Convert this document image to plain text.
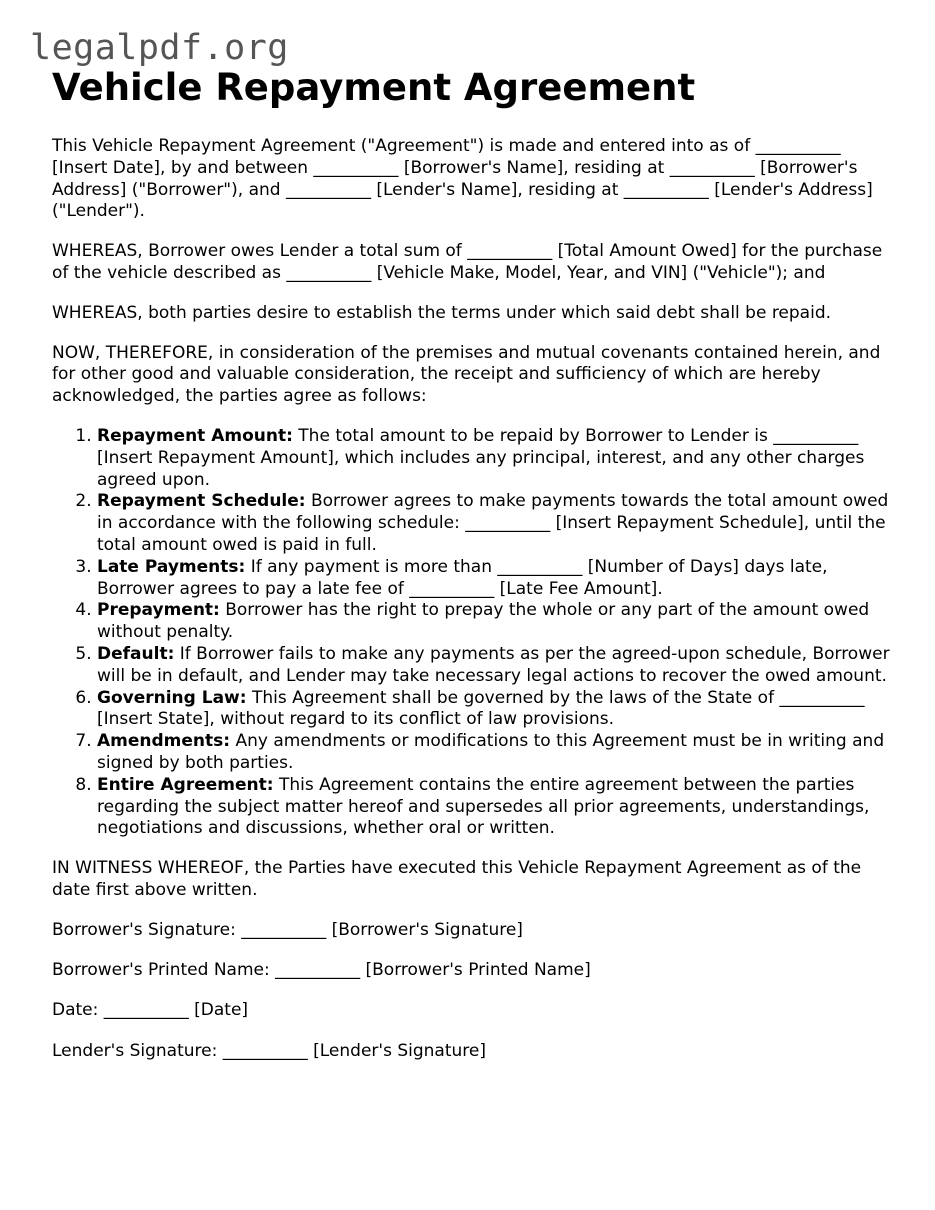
legalpdf.org
Vehicle Repayment Agreement

This Vehicle Repayment Agreement ("Agreement") is made and entered into as of __________ [Insert Date], by and between __________ [Borrower's Name], residing at __________ [Borrower's Address] ("Borrower"), and __________ [Lender's Name], residing at __________ [Lender's Address] ("Lender").

WHEREAS, Borrower owes Lender a total sum of __________ [Total Amount Owed] for the purchase of the vehicle described as __________ [Vehicle Make, Model, Year, and VIN] ("Vehicle"); and

WHEREAS, both parties desire to establish the terms under which said debt shall be repaid.

NOW, THEREFORE, in consideration of the premises and mutual covenants contained herein, and for other good and valuable consideration, the receipt and sufficiency of which are hereby acknowledged, the parties agree as follows:

1. Repayment Amount: The total amount to be repaid by Borrower to Lender is __________ [Insert Repayment Amount], which includes any principal, interest, and any other charges agreed upon.
2. Repayment Schedule: Borrower agrees to make payments towards the total amount owed in accordance with the following schedule: __________ [Insert Repayment Schedule], until the total amount owed is paid in full.
3. Late Payments: If any payment is more than __________ [Number of Days] days late, Borrower agrees to pay a late fee of __________ [Late Fee Amount].
4. Prepayment: Borrower has the right to prepay the whole or any part of the amount owed without penalty.
5. Default: If Borrower fails to make any payments as per the agreed-upon schedule, Borrower will be in default, and Lender may take necessary legal actions to recover the owed amount.
6. Governing Law: This Agreement shall be governed by the laws of the State of __________ [Insert State], without regard to its conflict of law provisions.
7. Amendments: Any amendments or modifications to this Agreement must be in writing and signed by both parties.
8. Entire Agreement: This Agreement contains the entire agreement between the parties regarding the subject matter hereof and supersedes all prior agreements, understandings, negotiations and discussions, whether oral or written.

IN WITNESS WHEREOF, the Parties have executed this Vehicle Repayment Agreement as of the date first above written.

Borrower's Signature: __________ [Borrower's Signature]

Borrower's Printed Name: __________ [Borrower's Printed Name]

Date: __________ [Date]

Lender's Signature: __________ [Lender's Signature]
